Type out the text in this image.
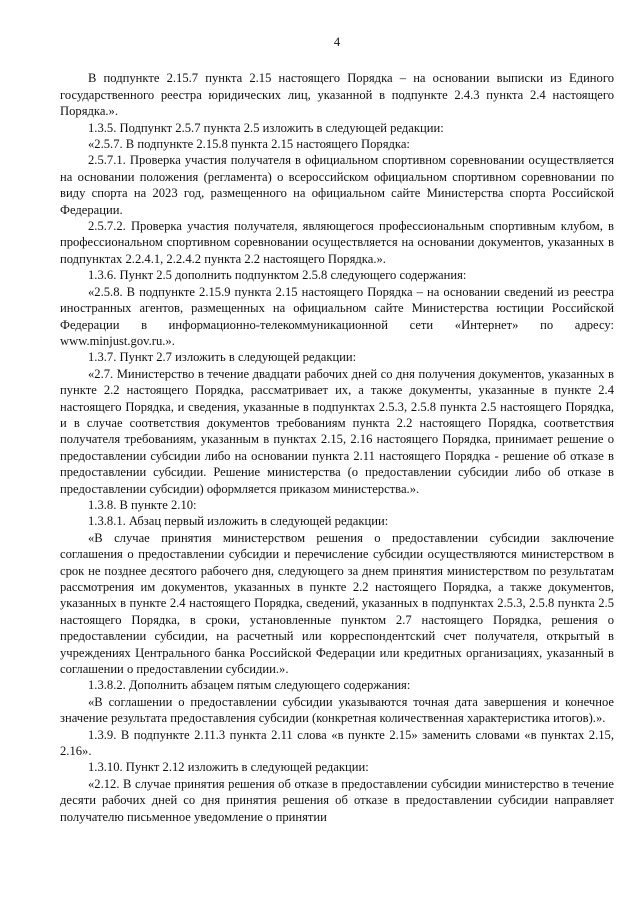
4

В подпункте 2.15.7 пункта 2.15 настоящего Порядка – на основании выписки из Единого государственного реестра юридических лиц, указанной в подпункте 2.4.3 пункта 2.4 настоящего Порядка.».

1.3.5. Подпункт 2.5.7 пункта 2.5 изложить в следующей редакции:

«2.5.7. В подпункте 2.15.8 пункта 2.15 настоящего Порядка:

2.5.7.1. Проверка участия получателя в официальном спортивном соревновании осуществляется на основании положения (регламента) о всероссийском официальном спортивном соревновании по виду спорта на 2023 год, размещенного на официальном сайте Министерства спорта Российской Федерации.

2.5.7.2. Проверка участия получателя, являющегося профессиональным спортивным клубом, в профессиональном спортивном соревновании осуществляется на основании документов, указанных в подпунктах 2.2.4.1, 2.2.4.2 пункта 2.2 настоящего Порядка.».

1.3.6. Пункт 2.5 дополнить подпунктом 2.5.8 следующего содержания:

«2.5.8. В подпункте 2.15.9 пункта 2.15 настоящего Порядка – на основании сведений из реестра иностранных агентов, размещенных на официальном сайте Министерства юстиции Российской Федерации в информационно-телекоммуникационной сети «Интернет» по адресу: www.minjust.gov.ru.».

1.3.7. Пункт 2.7 изложить в следующей редакции:

«2.7. Министерство в течение двадцати рабочих дней со дня получения документов, указанных в пункте 2.2 настоящего Порядка, рассматривает их, а также документы, указанные в пункте 2.4 настоящего Порядка, и сведения, указанные в подпунктах 2.5.3, 2.5.8 пункта 2.5 настоящего Порядка, и в случае соответствия документов требованиям пункта 2.2 настоящего Порядка, соответствия получателя требованиям, указанным в пунктах 2.15, 2.16 настоящего Порядка, принимает решение о предоставлении субсидии либо на основании пункта 2.11 настоящего Порядка - решение об отказе в предоставлении субсидии. Решение министерства (о предоставлении субсидии либо об отказе в предоставлении субсидии) оформляется приказом министерства.».

1.3.8. В пункте 2.10:

1.3.8.1. Абзац первый изложить в следующей редакции:

«В случае принятия министерством решения о предоставлении субсидии заключение соглашения о предоставлении субсидии и перечисление субсидии осуществляются министерством в срок не позднее десятого рабочего дня, следующего за днем принятия министерством по результатам рассмотрения им документов, указанных в пункте 2.2 настоящего Порядка, а также документов, указанных в пункте 2.4 настоящего Порядка, сведений, указанных в подпунктах 2.5.3, 2.5.8 пункта 2.5 настоящего Порядка, в сроки, установленные пунктом 2.7 настоящего Порядка, решения о предоставлении субсидии, на расчетный или корреспондентский счет получателя, открытый в учреждениях Центрального банка Российской Федерации или кредитных организациях, указанный в соглашении о предоставлении субсидии.».

1.3.8.2. Дополнить абзацем пятым следующего содержания:

«В соглашении о предоставлении субсидии указываются точная дата завершения и конечное значение результата предоставления субсидии (конкретная количественная характеристика итогов).».

1.3.9. В подпункте 2.11.3 пункта 2.11 слова «в пункте 2.15» заменить словами «в пунктах 2.15, 2.16».

1.3.10. Пункт 2.12 изложить в следующей редакции:

«2.12. В случае принятия решения об отказе в предоставлении субсидии министерство в течение десяти рабочих дней со дня принятия решения об отказе в предоставлении субсидии направляет получателю письменное уведомление о принятии
